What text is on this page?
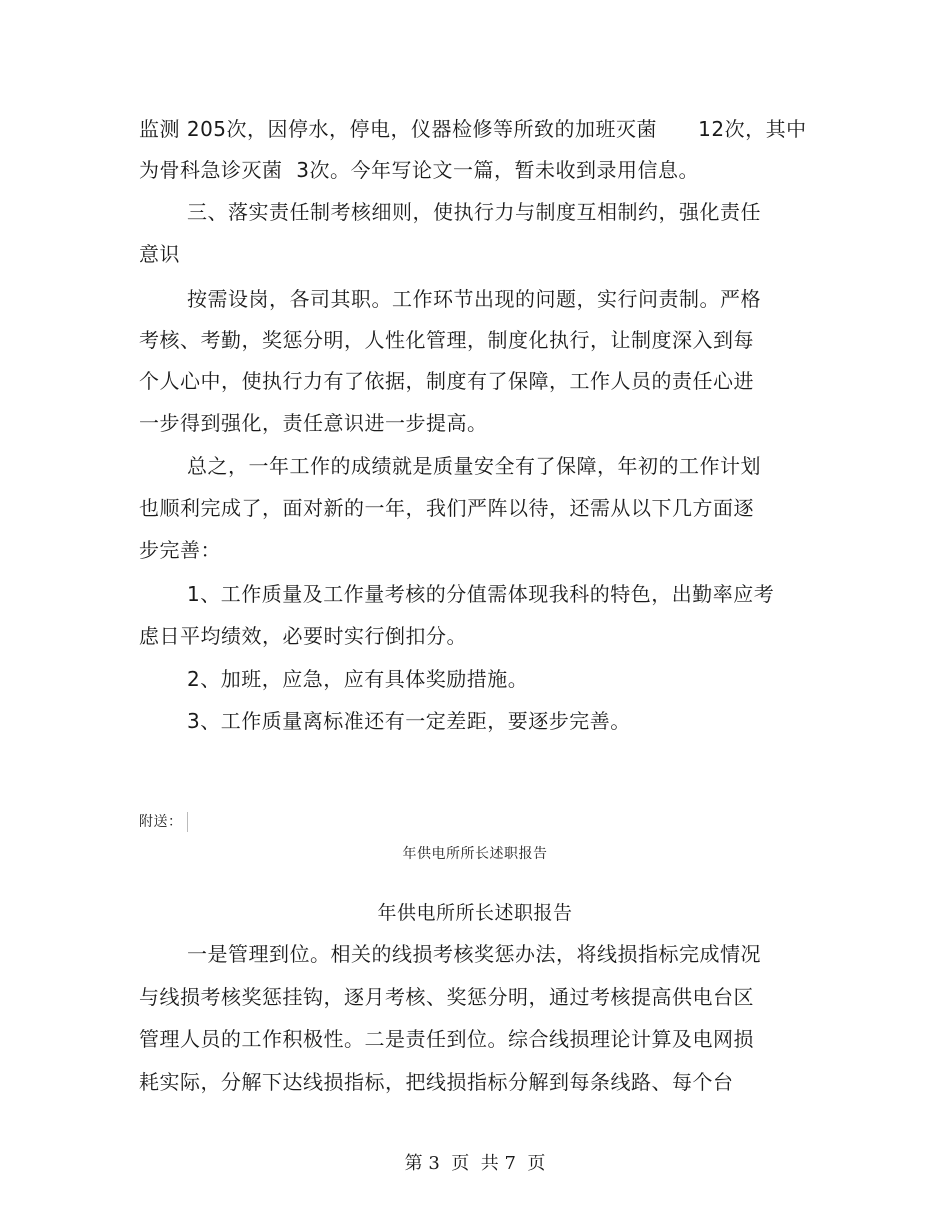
监测 205次，因停水，停电，仪器检修等所致的加班灭菌      12次，其中
为骨科急诊灭菌  3次。今年写论文一篇，暂未收到录用信息。
三、落实责任制考核细则，使执行力与制度互相制约，强化责任
意识
按需设岗，各司其职。工作环节出现的问题，实行问责制。严格
考核、考勤，奖惩分明，人性化管理，制度化执行，让制度深入到每
个人心中，使执行力有了依据，制度有了保障，工作人员的责任心进
一步得到强化，责任意识进一步提高。
总之，一年工作的成绩就是质量安全有了保障，年初的工作计划
也顺利完成了，面对新的一年，我们严阵以待，还需从以下几方面逐
步完善：
1、工作质量及工作量考核的分值需体现我科的特色，出勤率应考
虑日平均绩效，必要时实行倒扣分。
2、加班，应急，应有具体奖励措施。
3、工作质量离标准还有一定差距，要逐步完善。
附送：
年供电所所长述职报告
年供电所所长述职报告
一是管理到位。相关的线损考核奖惩办法，将线损指标完成情况
与线损考核奖惩挂钩，逐月考核、奖惩分明，通过考核提高供电台区
管理人员的工作积极性。二是责任到位。综合线损理论计算及电网损
耗实际，分解下达线损指标，把线损指标分解到每条线路、每个台
第 3  页  共 7  页
